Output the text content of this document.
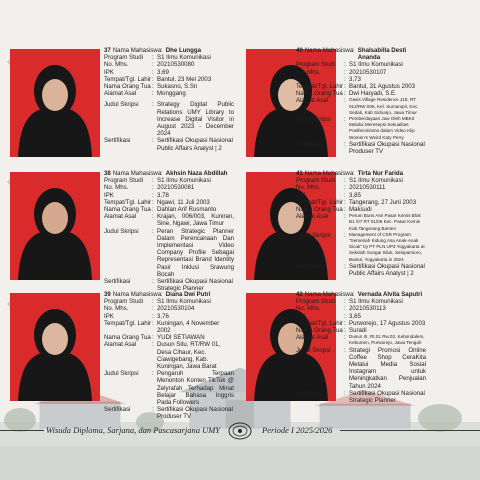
37 Nama Mahasiswa : Dhe Lungga
Program Studi	: S1 Ilmu Komunikasi
No. Mhs.	: 20210530080
IPK	: 3,69
Tempat/Tgl. Lahir : Bantul, 23 Mei 2003
Nama Orang Tua : Sukasno, S.Sn
Alamat Asal	: Monggang
Judul Skripsi	: Strategy Digital Public Relations UMY Library to Increase Digital Visitor in August 2023 - December 2024
Sertifikasi	: Sertifikasi Okupasi Nasional Public Affairs Analyst | 2
38 Nama Mahasiswa : Akhsin Naza Abdillah
Program Studi	: S1 Ilmu Komunikasi
No. Mhs.	: 20210530081
IPK	: 3,78
Tempat/Tgl. Lahir : Ngawi, 11 Juli 2003
Nama Orang Tua : Dahlan Arif Rusmanto
Alamat Asal	: Krajan, 006/003, Kuniran, Sine, Ngawi, Jawa Timur
Judul Skripsi	: Peran Strategic Planner Dalam Perencanaan Dan Implementasi Video Company Profile Sebagai Representasi Brand Identity Pasir Inklusi Srawung Bocah
Sertifikasi	: Sertifikasi Okupasi Nasional Strategic Planner
39 Nama Mahasiswa : Diana Dwi Putri
Program Studi	: S1 Ilmu Komunikasi
No. Mhs.	: 20210530104
IPK	: 3,76
Tempat/Tgl. Lahir : Kuningan, 4 November 2002
Nama Orang Tua : YUDI SETIAWAN
Alamat Asal	: Dusun Situ, RT/RW 01, Desa Cihaur, Kec. Ciawigebang, Kab. Kuningan, Jawa Barat
Judul Skripsi	: Pengaruh Terpaan Menonton Konten TikTok @ Zelyrafah Terhadap Minat Belajar Bahasa Inggris Pada Followers
Sertifikasi	: Sertifikasi Okupasi Nasional Produser TV
40 Nama Mahasiswa : Shalsabilla Desti Ananda
Program Studi	: S1 Ilmu Komunikasi
No. Mhs.	: 20210530107
IPK	: 3,73
Tempat/Tgl. Lahir : Bantul, 31 Agustus 2003
Nama Orang Tua : Dwi Haryadi, S.E.
Alamat Asal	: Oasis Village Residence J18, RT 012/RW 005, Kel. Sumampir, Kec. Sedati, Kab Sidoarjo, Jawa Timur
Judul Skripsi	: Pemberdayaan Jaw Oleh MBKit Melalui Meresepsi Sekualitas Postfeminisme dalam Video Klip Women's Weird Katy Perry
Sertifikasi	: Sertifikasi Okupasi Nasional Produser TV
41 Nama Mahasiswa : Tirta Nur Farida
Program Studi	: S1 Ilmu Komunikasi
No. Mhs.	: 20210530111
IPK	: 3,85
Tempat/Tgl. Lahir : Tangerang, 27 Juni 2003
Nama Orang Tua : Maksudi
Alamat Asal	: Perum Bumi Asri Pasar Kemis Blok B1 /07 RT 01/06 Kec. Pasar Kemis Kab.Tangerang Banten
Judul Skripsi	: Management of CSR Program "Semeriah Kidung Asa Anak-Anak Sicak" by PT PLN UP3 Yogyakarta at Sekolah Sungai Siluk, Selopamioro, Bantul, Yogyakarta in 2024
Sertifikasi	: Sertifikasi Okupasi Nasional Public Affairs Analyst | 2
42 Nama Mahasiswa : Vernada Alvita Saputri
Program Studi	: S1 Ilmu Komunikasi
No. Mhs.	: 20210530113
IPK	: 3,65
Tempat/Tgl. Lahir : Purworejo, 17 Agustus 2003
Nama Orang Tua : Suradi
Alamat Asal	: Dusun III, Rt.01 Rw.03, Kebondalem, Kebumen, Purworejo, Jawa Tengah
Judul Skripsi	: Strategi Promosi Online Coffee Shop CeraKita Melalui Media Sosial Instagram untuk Meningkatkan Penjualan Tahun 2024
Sertifikasi	: Sertifikasi Okupasi Nasional Strategic Planner
Wisuda Diploma, Sarjana, dan Pascasarjana UMY	Periode I 2025/2026
